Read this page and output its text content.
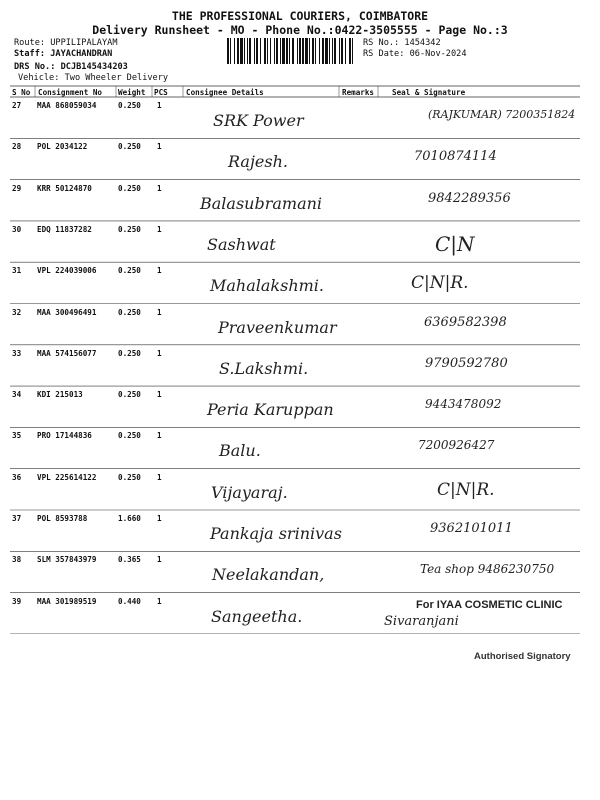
THE PROFESSIONAL COURIERS, COIMBATORE
Delivery Runsheet - MO - Phone No.:0422-3505555 - Page No.:3
Route: UPPILIPALAYAM
Staff: JAYACHANDRAN
DRS No.: DCJB145434203
Vehicle: Two Wheeler Delivery
RS No.: 1454342
RS Date: 06-Nov-2024
S No Consignment No Weight PCS Consignee Details	Remarks Seal & Signature
27 MAA 868059034	0.250 1
SRK Power	(RAJKUMAR) 7200351824
28 POL 2034122	0.250 1
Rajesh.	7010874114
29 KRR 50124870	0.250 1
Balasubramani	9842289356
30 EDQ 11837282	0.250 1
Sashwat	C|N
31 VPL 224039006	0.250 1
Mahalakshmi.	C|N|R.
32 MAA 300496491	0.250 1
Praveenkumar	6369582398
33 MAA 574156077	0.250 1
S.Lakshmi.	9790592780
34 KDI 215013	0.250 1
Peria Karuppan	9443478092
35 PRO 17144836	0.250 1
Balu.	7200926427
36 VPL 225614122	0.250 1
Vijayaraj.	C|N|R.
37 POL 8593788	1.660 1
Pankaja srinivas	9362101011
38 SLM 357843979	0.365 1
Neelakandan,	Tea shop 9486230750
39 MAA 301989519	0.440 1
Sangeetha.
For IYAA COSMETIC CLINIC
Sivaranjani
Authorised Signatory
